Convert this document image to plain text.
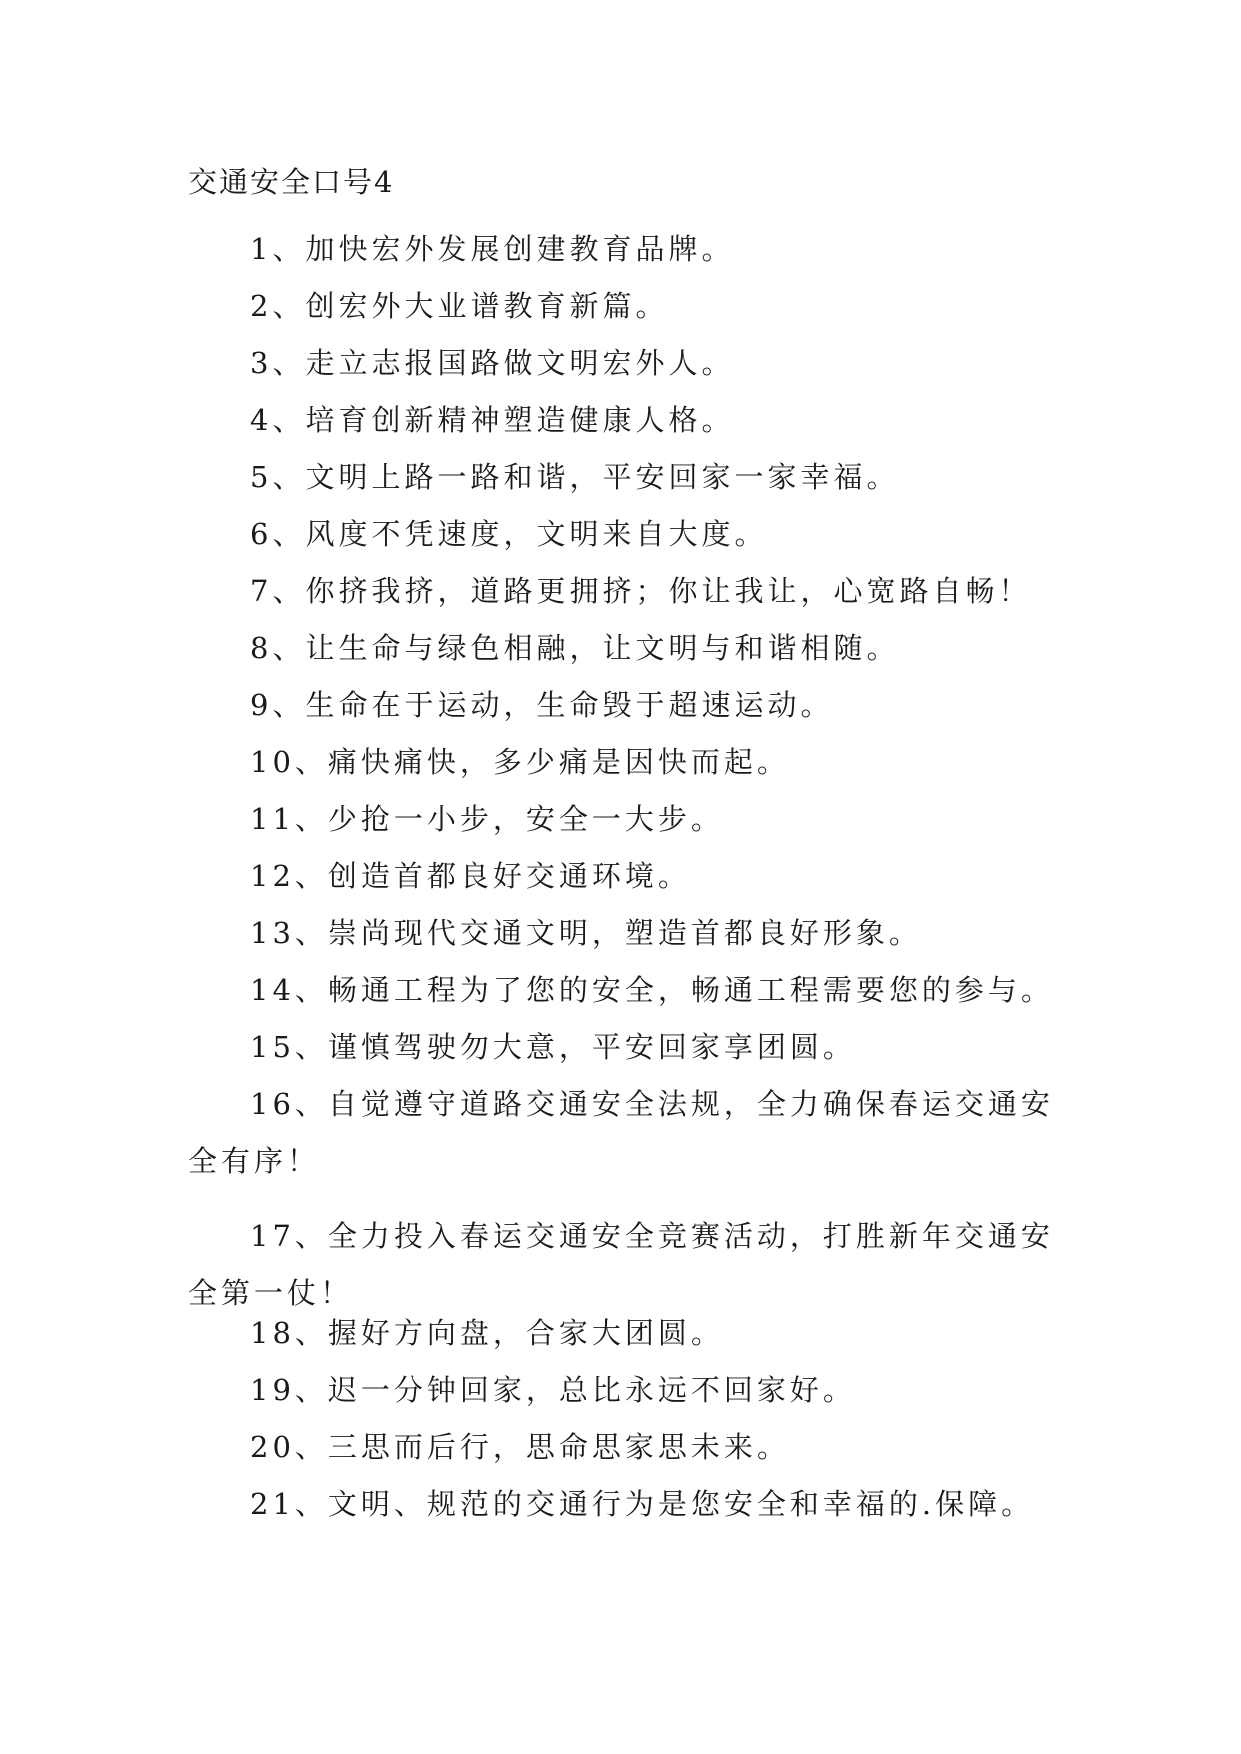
交通安全口号4
1、加快宏外发展创建教育品牌。
2、创宏外大业谱教育新篇。
3、走立志报国路做文明宏外人。
4、培育创新精神塑造健康人格。
5、文明上路一路和谐，平安回家一家幸福。
6、风度不凭速度，文明来自大度。
7、你挤我挤，道路更拥挤；你让我让，心宽路自畅！
8、让生命与绿色相融，让文明与和谐相随。
9、生命在于运动，生命毁于超速运动。
10、痛快痛快，多少痛是因快而起。
11、少抢一小步，安全一大步。
12、创造首都良好交通环境。
13、崇尚现代交通文明，塑造首都良好形象。
14、畅通工程为了您的安全，畅通工程需要您的参与。
15、谨慎驾驶勿大意，平安回家享团圆。
16、自觉遵守道路交通安全法规，全力确保春运交通安全有序！
17、全力投入春运交通安全竞赛活动，打胜新年交通安全第一仗！
18、握好方向盘，合家大团圆。
19、迟一分钟回家，总比永远不回家好。
20、三思而后行，思命思家思未来。
21、文明、规范的交通行为是您安全和幸福的.保障。
